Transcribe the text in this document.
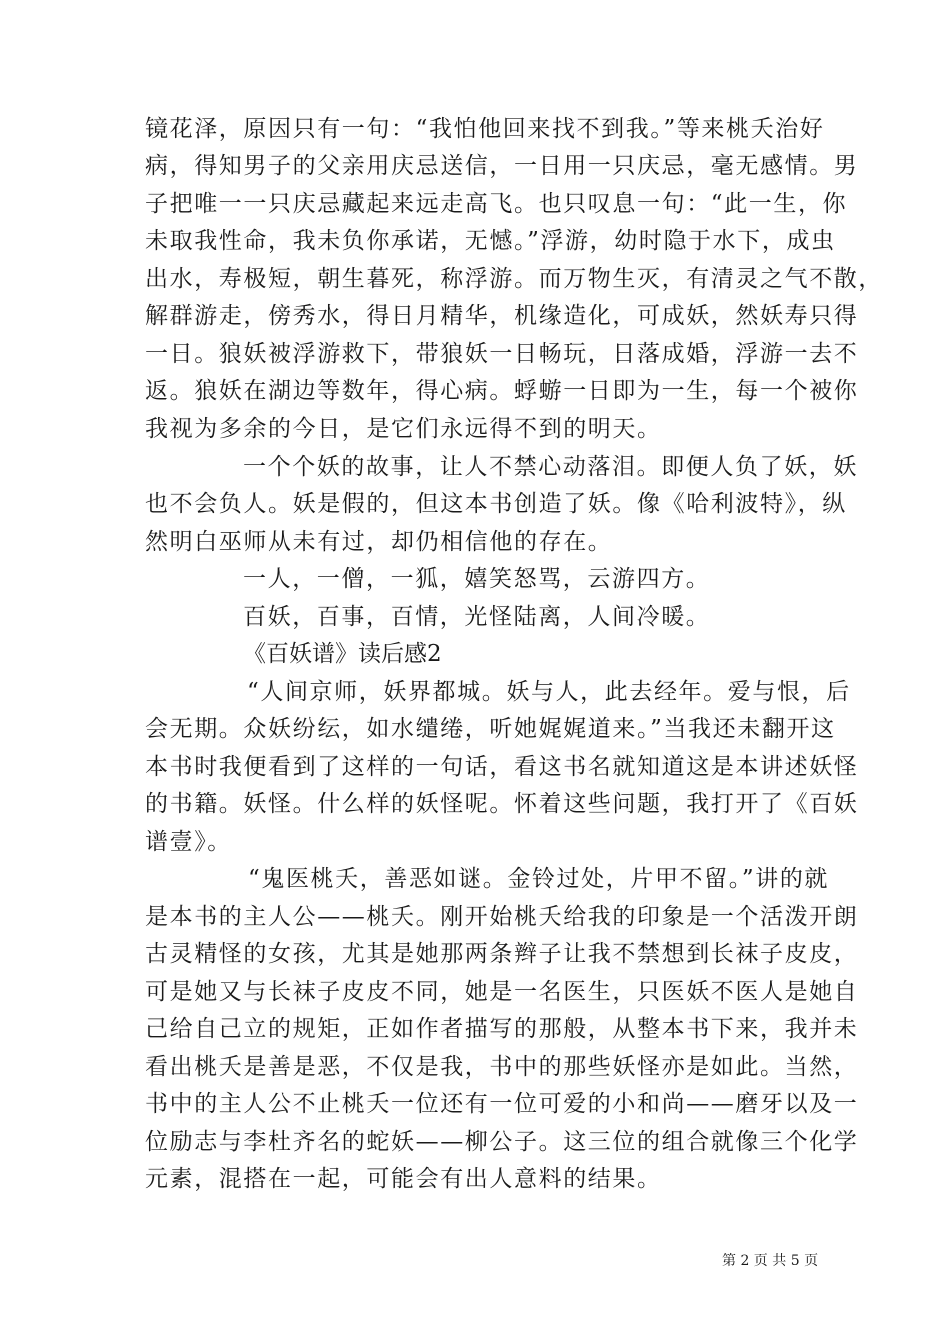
镜花泽，原因只有一句：“我怕他回来找不到我。”等来桃夭治好
病，得知男子的父亲用庆忌送信，一日用一只庆忌，毫无感情。男
子把唯一一只庆忌藏起来远走高飞。也只叹息一句：“此一生，你
未取我性命，我未负你承诺，无憾。”浮游，幼时隐于水下，成虫
出水，寿极短，朝生暮死，称浮游。而万物生灭，有清灵之气不散，
解群游走，傍秀水，得日月精华，机缘造化，可成妖，然妖寿只得
一日。狼妖被浮游救下，带狼妖一日畅玩，日落成婚，浮游一去不
返。狼妖在湖边等数年，得心病。蜉蝣一日即为一生，每一个被你
我视为多余的今日，是它们永远得不到的明天。
一个个妖的故事，让人不禁心动落泪。即便人负了妖，妖
也不会负人。妖是假的，但这本书创造了妖。像《哈利波特》，纵
然明白巫师从未有过，却仍相信他的存在。
一人，一僧，一狐，嬉笑怒骂，云游四方。
百妖，百事，百情，光怪陆离，人间冷暖。
《百妖谱》读后感2
“人间京师，妖界都城。妖与人，此去经年。爱与恨，后
会无期。众妖纷纭，如水缱绻，听她娓娓道来。”当我还未翻开这
本书时我便看到了这样的一句话，看这书名就知道这是本讲述妖怪
的书籍。妖怪。什么样的妖怪呢。怀着这些问题，我打开了《百妖
谱壹》。
“鬼医桃夭，善恶如谜。金铃过处，片甲不留。”讲的就
是本书的主人公——桃夭。刚开始桃夭给我的印象是一个活泼开朗
古灵精怪的女孩，尤其是她那两条辫子让我不禁想到长袜子皮皮，
可是她又与长袜子皮皮不同，她是一名医生，只医妖不医人是她自
己给自己立的规矩，正如作者描写的那般，从整本书下来，我并未
看出桃夭是善是恶，不仅是我，书中的那些妖怪亦是如此。当然，
书中的主人公不止桃夭一位还有一位可爱的小和尚——磨牙以及一
位励志与李杜齐名的蛇妖——柳公子。这三位的组合就像三个化学
元素，混搭在一起，可能会有出人意料的结果。
第 2 页 共 5 页
